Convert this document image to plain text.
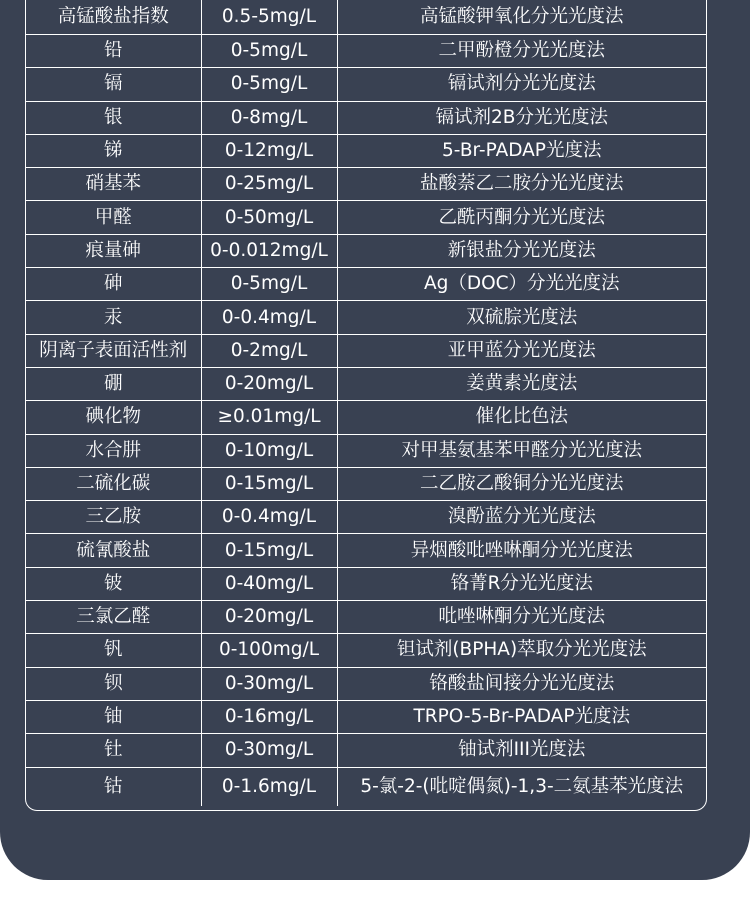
高锰酸盐指数	0.5-5mg/L	高锰酸钾氧化分光光度法
铅	0-5mg/L	二甲酚橙分光光度法
镉	0-5mg/L	镉试剂分光光度法
银	0-8mg/L	镉试剂2B分光光度法
锑	0-12mg/L	5-Br-PADAP光度法
硝基苯	0-25mg/L	盐酸萘乙二胺分光光度法
甲醛	0-50mg/L	乙酰丙酮分光光度法
痕量砷	0-0.012mg/L	新银盐分光光度法
砷	0-5mg/L	Ag（DOC）分光光度法
汞	0-0.4mg/L	双硫腙光度法
阴离子表面活性剂	0-2mg/L	亚甲蓝分光光度法
硼	0-20mg/L	姜黄素光度法
碘化物	≥0.01mg/L	催化比色法
水合肼	0-10mg/L	对甲基氨基苯甲醛分光光度法
二硫化碳	0-15mg/L	二乙胺乙酸铜分光光度法
三乙胺	0-0.4mg/L	溴酚蓝分光光度法
硫氰酸盐	0-15mg/L	异烟酸吡唑啉酮分光光度法
铍	0-40mg/L	铬菁R分光光度法
三氯乙醛	0-20mg/L	吡唑啉酮分光光度法
钒	0-100mg/L	钽试剂(BPHA)萃取分光光度法
钡	0-30mg/L	铬酸盐间接分光光度法
铀	0-16mg/L	TRPO-5-Br-PADAP光度法
钍	0-30mg/L	铀试剂III光度法
钴	0-1.6mg/L	5-氯-2-(吡啶偶氮)-1,3-二氨基苯光度法
